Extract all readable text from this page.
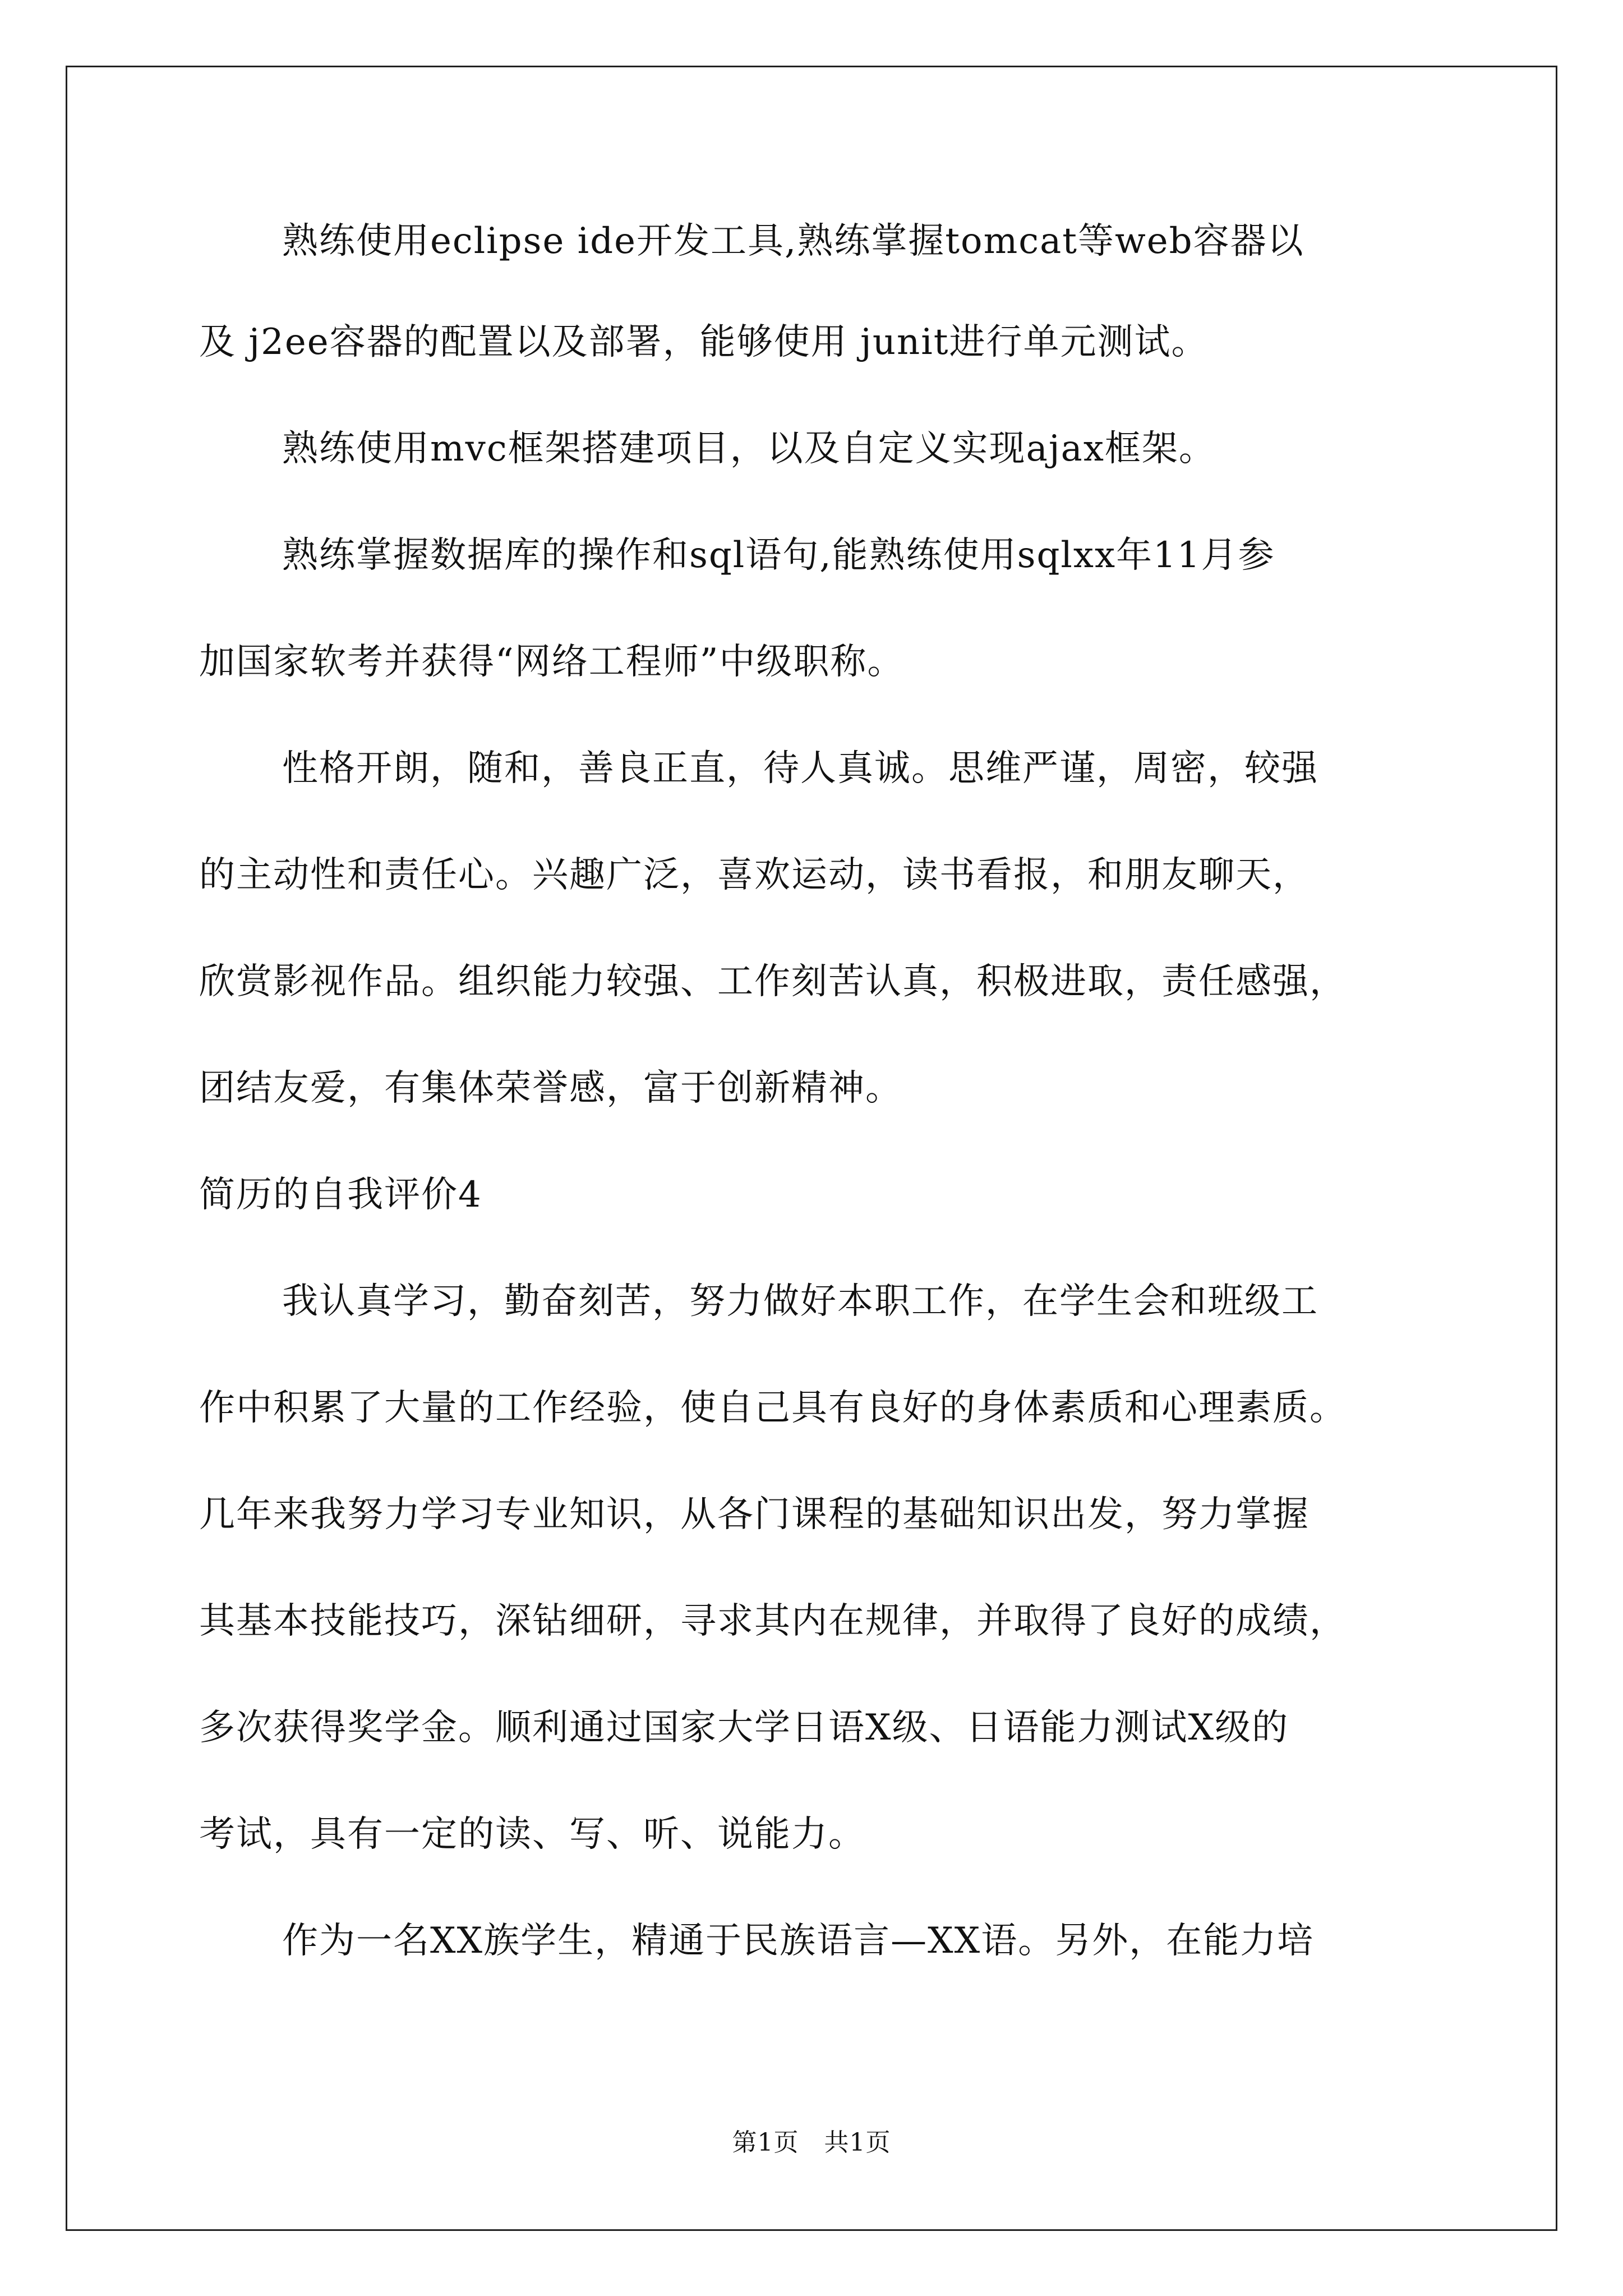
熟练使用eclipse ide开发工具,熟练掌握tomcat等web容器以
及 j2ee容器的配置以及部署，能够使用 junit进行单元测试。
熟练使用mvc框架搭建项目，以及自定义实现ajax框架。
熟练掌握数据库的操作和sql语句,能熟练使用sqlxx年11月参
加国家软考并获得“网络工程师”中级职称。
性格开朗，随和，善良正直，待人真诚。思维严谨，周密，较强
的主动性和责任心。兴趣广泛，喜欢运动，读书看报，和朋友聊天，
欣赏影视作品。组织能力较强、工作刻苦认真，积极进取，责任感强，
团结友爱，有集体荣誉感，富于创新精神。
简历的自我评价4
我认真学习，勤奋刻苦，努力做好本职工作，在学生会和班级工
作中积累了大量的工作经验，使自己具有良好的身体素质和心理素质。
几年来我努力学习专业知识，从各门课程的基础知识出发，努力掌握
其基本技能技巧，深钻细研，寻求其内在规律，并取得了良好的成绩，
多次获得奖学金。顺利通过国家大学日语X级、日语能力测试X级的
考试，具有一定的读、写、听、说能力。
作为一名XX族学生，精通于民族语言—XX语。另外，在能力培
第1页　共1页
